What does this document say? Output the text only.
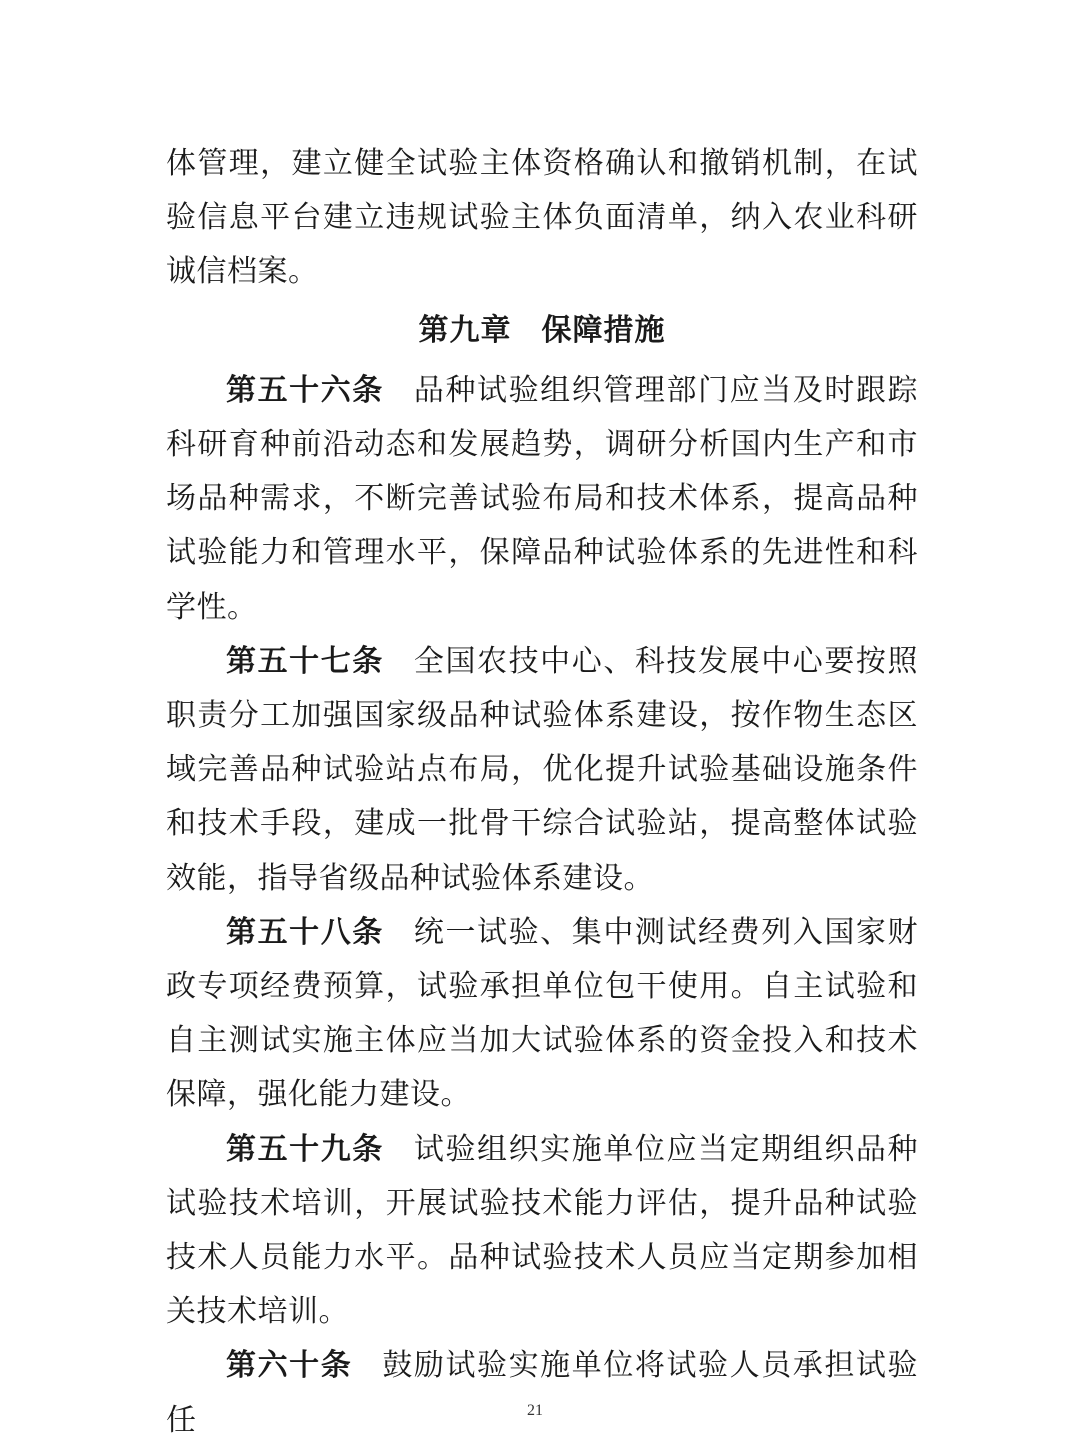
体管理，建立健全试验主体资格确认和撤销机制，在试验信息平台建立违规试验主体负面清单，纳入农业科研诚信档案。

第九章 保障措施

第五十六条 品种试验组织管理部门应当及时跟踪科研育种前沿动态和发展趋势，调研分析国内生产和市场品种需求，不断完善试验布局和技术体系，提高品种试验能力和管理水平，保障品种试验体系的先进性和科学性。

第五十七条 全国农技中心、科技发展中心要按照职责分工加强国家级品种试验体系建设，按作物生态区域完善品种试验站点布局，优化提升试验基础设施条件和技术手段，建成一批骨干综合试验站，提高整体试验效能，指导省级品种试验体系建设。

第五十八条 统一试验、集中测试经费列入国家财政专项经费预算，试验承担单位包干使用。自主试验和自主测试实施主体应当加大试验体系的资金投入和技术保障，强化能力建设。

第五十九条 试验组织实施单位应当定期组织品种试验技术培训，开展试验技术能力评估，提升品种试验技术人员能力水平。品种试验技术人员应当定期参加相关技术培训。

第六十条 鼓励试验实施单位将试验人员承担试验任	21
